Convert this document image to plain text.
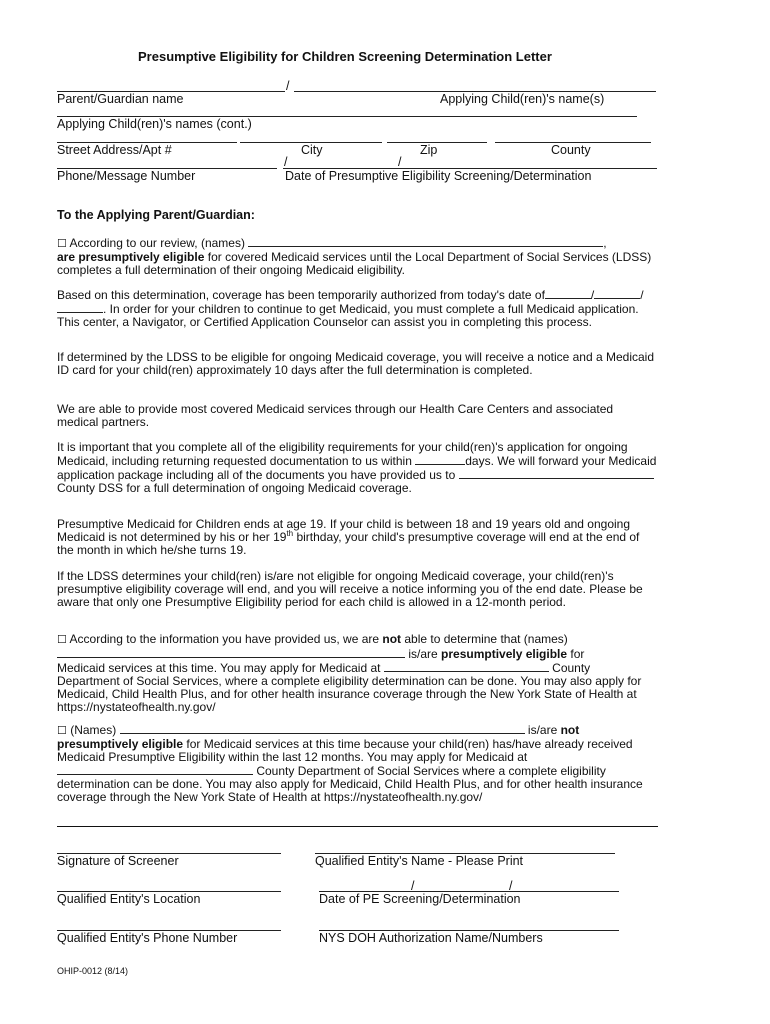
Presumptive Eligibility for Children Screening Determination Letter
/
Parent/Guardian name	Applying Child(ren)'s name(s)
Applying Child(ren)'s names (cont.)
Street Address/Apt #	City	Zip	County
/	/
Phone/Message Number	Date of Presumptive Eligibility Screening/Determination
To the Applying Parent/Guardian:

☐ According to our review, (names)	,

are presumptively eligible for covered Medicaid services until the Local Department of Social Services (LDSS) completes a full determination of their ongoing Medicaid eligibility.

Based on this determination, coverage has been temporarily authorized from today's date of	/	/. In order for your children to continue to get Medicaid, you must complete a full Medicaid application. This center, a Navigator, or Certified Application Counselor can assist you in completing this process.

If determined by the LDSS to be eligible for ongoing Medicaid coverage, you will receive a notice and a Medicaid ID card for your child(ren) approximately 10 days after the full determination is completed.
We are able to provide most covered Medicaid services through our Health Care Centers and associated medical partners.

It is important that you complete all of the eligibility requirements for your child(ren)'s application for ongoing Medicaid, including returning requested documentation to us within	days. We will forward your Medicaid application package including all of the documents you have provided us to  County DSS for a full determination of ongoing Medicaid coverage.

Presumptive Medicaid for Children ends at age 19. If your child is between 18 and 19 years old and ongoing Medicaid is not determined by his or her 19th birthday, your child's presumptive coverage will end at the end of the month in which he/she turns 19.

If the LDSS determines your child(ren) is/are not eligible for ongoing Medicaid coverage, your child(ren)'s presumptive eligibility coverage will end, and you will receive a notice informing you of the end date. Please be aware that only one Presumptive Eligibility period for each child is allowed in a 12-month period.

☐ According to the information you have provided us, we are not able to determine that (names)

is/are presumptively eligible for

Medicaid services at this time. You may apply for Medicaid at	County

Department of Social Services, where a complete eligibility determination can be done. You may also apply for Medicaid, Child Health Plus, and for other health insurance coverage through the New York State of Health at https://nystateofhealth.ny.gov/

☐ (Names)	is/are not

presumptively eligible for Medicaid services at this time because your child(ren) has/have already received Medicaid Presumptive Eligibility within the last 12 months. You may apply for Medicaid at  County Department of Social Services where a complete eligibility determination can be done. You may also apply for Medicaid, Child Health Plus, and for other health insurance coverage through the New York State of Health at https://nystateofhealth.ny.gov/

Signature of Screener	Qualified Entity's Name - Please Print
/	/
Qualified Entity's Location	Date of PE Screening/Determination
Qualified Entity's Phone Number	NYS DOH Authorization Name/Numbers
OHIP-0012 (8/14)
